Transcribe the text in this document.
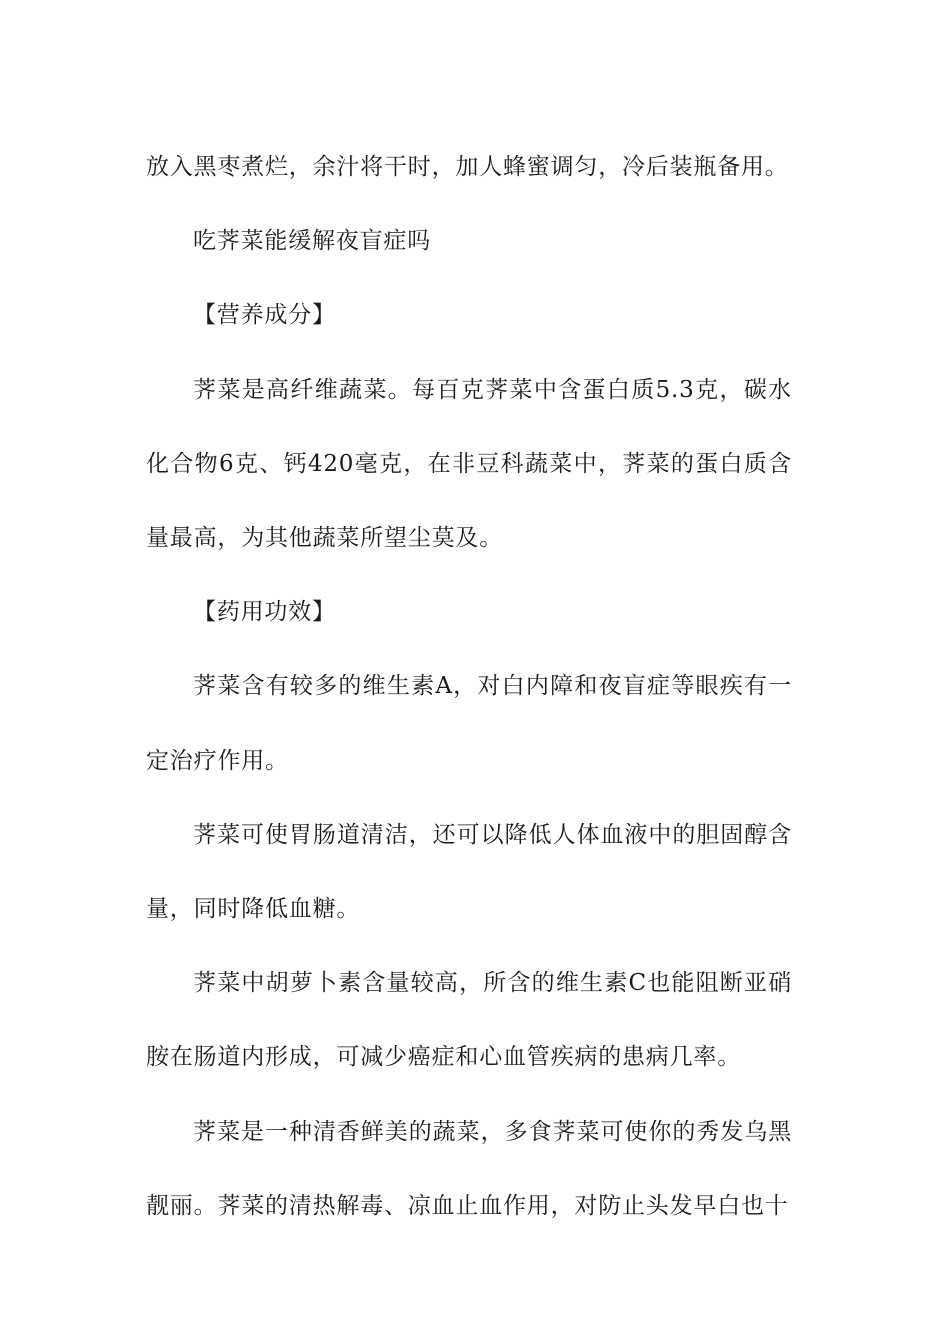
放入黑枣煮烂，余汁将干时，加人蜂蜜调匀，冷后装瓶备用。

吃荠菜能缓解夜盲症吗

【营养成分】

荠菜是高纤维蔬菜。每百克荠菜中含蛋白质5.3克，碳水化合物6克、钙420毫克，在非豆科蔬菜中，荠菜的蛋白质含量最高，为其他蔬菜所望尘莫及。

【药用功效】

荠菜含有较多的维生素A，对白内障和夜盲症等眼疾有一定治疗作用。

荠菜可使胃肠道清洁，还可以降低人体血液中的胆固醇含量，同时降低血糖。

荠菜中胡萝卜素含量较高，所含的维生素C也能阻断亚硝胺在肠道内形成，可减少癌症和心血管疾病的患病几率。

荠菜是一种清香鲜美的蔬菜，多食荠菜可使你的秀发乌黑靓丽。荠菜的清热解毒、凉血止血作用，对防止头发早白也十
